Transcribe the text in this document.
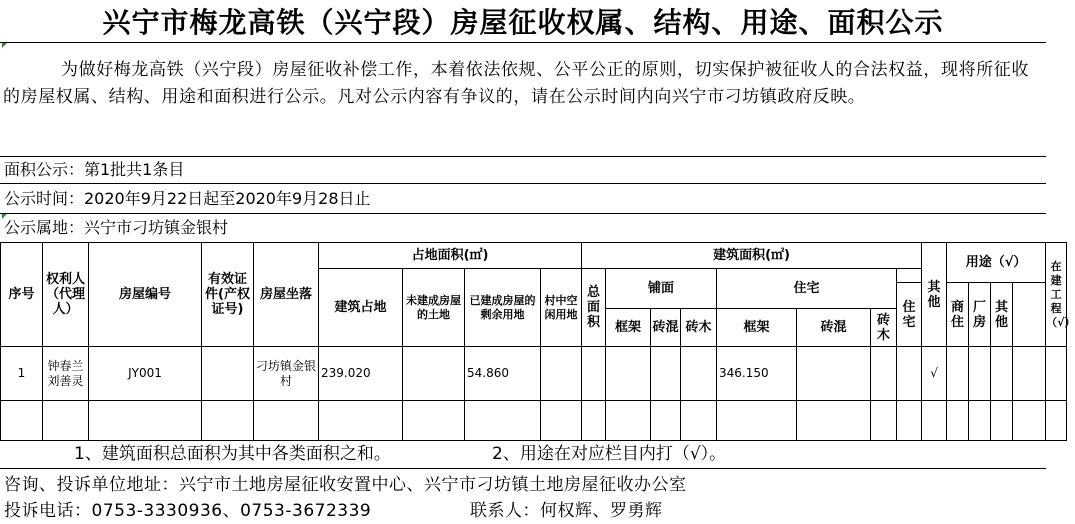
兴宁市梅龙高铁（兴宁段）房屋征收权属、结构、用途、面积公示
为做好梅龙高铁（兴宁段）房屋征收补偿工作，本着依法依规、公平公正的原则，切实保护被征收人的合法权益，现将所征收的房屋权属、结构、用途和面积进行公示。凡对公示内容有争议的，请在公示时间内向兴宁市刁坊镇政府反映。
面积公示：第1批共1条目
公示时间：2020年9月22日起至2020年9月28日止
公示属地：兴宁市刁坊镇金银村
序号	权利人（代理人）	房屋编号	有效证件(产权证号)	房屋坐落	占地面积(㎡)				建筑面积(㎡)								其他	用途（√）				在建工程（√）	
					建筑占地	未建成房屋的土地	已建成房屋的剩余用地	村中空闲用地	总面积	铺面			住宅										
																住宅		商住	厂房	其他			
										框架	砖混	砖木	框架	砖混	砖木								
1	钟春兰 刘善灵	JY001		刁坊镇金银村	239.020		54.860						346.150				√						

1、建筑面积总面积为其中各类面积之和。	2、用途在对应栏目内打（√）。
咨询、投诉单位地址：兴宁市土地房屋征收安置中心、兴宁市刁坊镇土地房屋征收办公室
投诉电话：0753-3330936、0753-3672339	联系人：何权辉、罗勇辉
